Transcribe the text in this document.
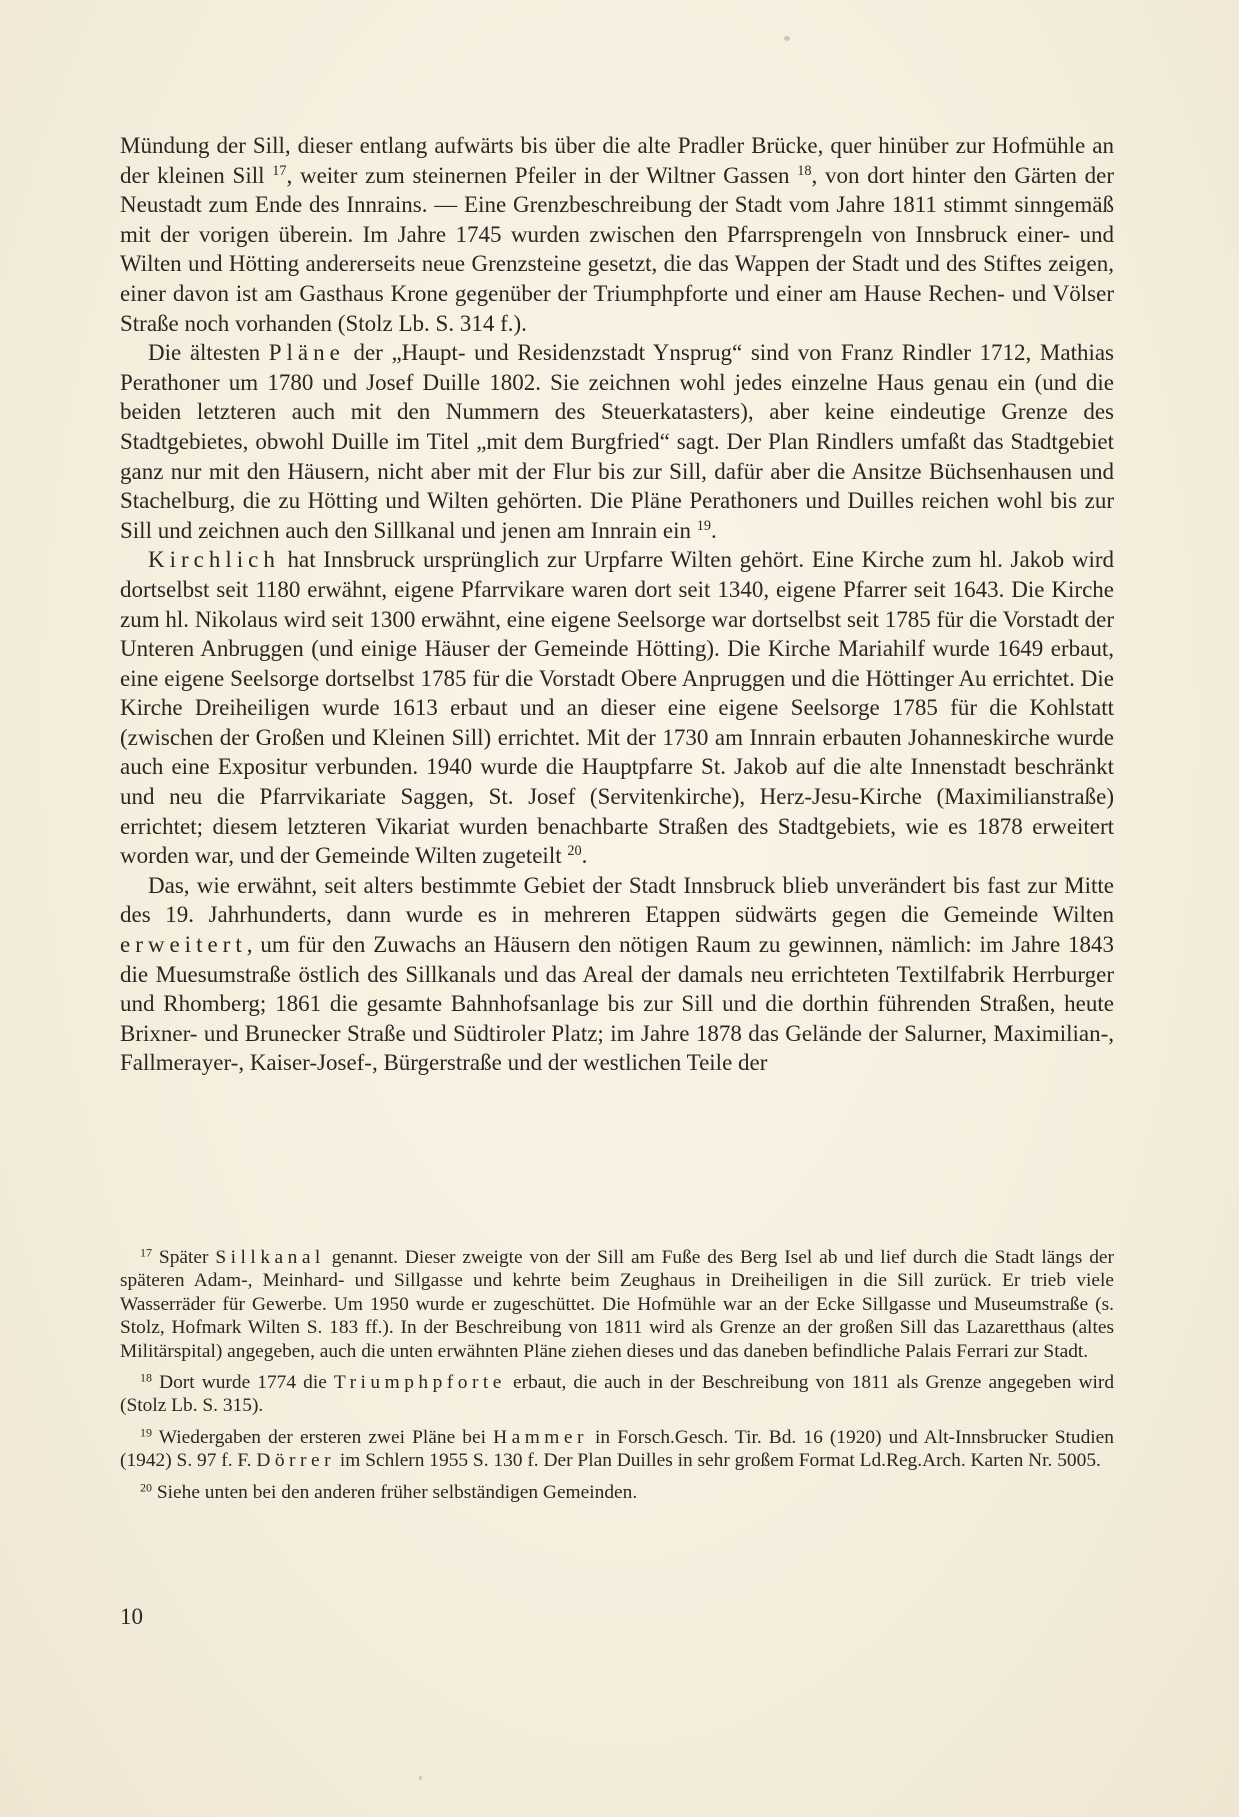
Mündung der Sill, dieser entlang aufwärts bis über die alte Pradler Brücke, quer hinüber zur Hofmühle an der kleinen Sill $^{17}$, weiter zum steinernen Pfeiler in der Wiltner Gassen $^{18}$, von dort hinter den Gärten der Neustadt zum Ende des Innrains. — Eine Grenzbeschreibung der Stadt vom Jahre 1811 stimmt sinngemäß mit der vorigen überein. Im Jahre 1745 wurden zwischen den Pfarrsprengeln von Innsbruck einer- und Wilten und Hötting andererseits neue Grenzsteine gesetzt, die das Wappen der Stadt und des Stiftes zeigen, einer davon ist am Gasthaus Krone gegenüber der Triumphpforte und einer am Hause Rechen- und Völser Straße noch vorhanden (Stolz Lb. S. 314 f.).

Die ältesten Pläne der „Haupt- und Residenzstadt Ynsprug“ sind von Franz Rindler 1712, Mathias Perathoner um 1780 und Josef Duille 1802. Sie zeichnen wohl jedes einzelne Haus genau ein (und die beiden letzteren auch mit den Nummern des Steuerkatasters), aber keine eindeutige Grenze des Stadtgebietes, obwohl Duille im Titel „mit dem Burgfried“ sagt. Der Plan Rindlers umfaßt das Stadtgebiet ganz nur mit den Häusern, nicht aber mit der Flur bis zur Sill, dafür aber die Ansitze Büchsenhausen und Stachelburg, die zu Hötting und Wilten gehörten. Die Pläne Perathoners und Duilles reichen wohl bis zur Sill und zeichnen auch den Sillkanal und jenen am Innrain ein $^{19}$.

Kirchlich hat Innsbruck ursprünglich zur Urpfarre Wilten gehört. Eine Kirche zum hl. Jakob wird dortselbst seit 1180 erwähnt, eigene Pfarrvikare waren dort seit 1340, eigene Pfarrer seit 1643. Die Kirche zum hl. Nikolaus wird seit 1300 erwähnt, eine eigene Seelsorge war dortselbst seit 1785 für die Vorstadt der Unteren Anbruggen (und einige Häuser der Gemeinde Hötting). Die Kirche Mariahilf wurde 1649 erbaut, eine eigene Seelsorge dortselbst 1785 für die Vorstadt Obere Anpruggen und die Höttinger Au errichtet. Die Kirche Dreiheiligen wurde 1613 erbaut und an dieser eine eigene Seelsorge 1785 für die Kohlstatt (zwischen der Großen und Kleinen Sill) errichtet. Mit der 1730 am Innrain erbauten Johanneskirche wurde auch eine Expositur verbunden. 1940 wurde die Hauptpfarre St. Jakob auf die alte Innenstadt beschränkt und neu die Pfarrvikariate Saggen, St. Josef (Servitenkirche), Herz-Jesu-Kirche (Maximilianstraße) errichtet; diesem letzteren Vikariat wurden benachbarte Straßen des Stadtgebiets, wie es 1878 erweitert worden war, und der Gemeinde Wilten zugeteilt $^{20}$.

Das, wie erwähnt, seit alters bestimmte Gebiet der Stadt Innsbruck blieb unverändert bis fast zur Mitte des 19. Jahrhunderts, dann wurde es in mehreren Etappen südwärts gegen die Gemeinde Wilten erweitert, um für den Zuwachs an Häusern den nötigen Raum zu gewinnen, nämlich: im Jahre 1843 die Muesumstraße östlich des Sillkanals und das Areal der damals neu errichteten Textilfabrik Herrburger und Rhomberg; 1861 die gesamte Bahnhofsanlage bis zur Sill und die dorthin führenden Straßen, heute Brixner- und Brunecker Straße und Südtiroler Platz; im Jahre 1878 das Gelände der Salurner, Maximilian-, Fallmerayer-, Kaiser-Josef-, Bürgerstraße und der westlichen Teile der

$^{17}$ Später Sillkanal genannt. Dieser zweigte von der Sill am Fuße des Berg Isel ab und lief durch die Stadt längs der späteren Adam-, Meinhard- und Sillgasse und kehrte beim Zeughaus in Dreiheiligen in die Sill zurück. Er trieb viele Wasserräder für Gewerbe. Um 1950 wurde er zugeschüttet. Die Hofmühle war an der Ecke Sillgasse und Museumstraße (s. Stolz, Hofmark Wilten S. 183 ff.). In der Beschreibung von 1811 wird als Grenze an der großen Sill das Lazaretthaus (altes Militärspital) angegeben, auch die unten erwähnten Pläne ziehen dieses und das daneben befindliche Palais Ferrari zur Stadt.

$^{18}$ Dort wurde 1774 die Triumphpforte erbaut, die auch in der Beschreibung von 1811 als Grenze angegeben wird (Stolz Lb. S. 315).

$^{19}$ Wiedergaben der ersteren zwei Pläne bei Hammer in Forsch.Gesch. Tir. Bd. 16 (1920) und Alt-Innsbrucker Studien (1942) S. 97 f. F. Dörrer im Schlern 1955 S. 130 f. Der Plan Duilles in sehr großem Format Ld.Reg.Arch. Karten Nr. 5005.

$^{20}$ Siehe unten bei den anderen früher selbständigen Gemeinden.

10
